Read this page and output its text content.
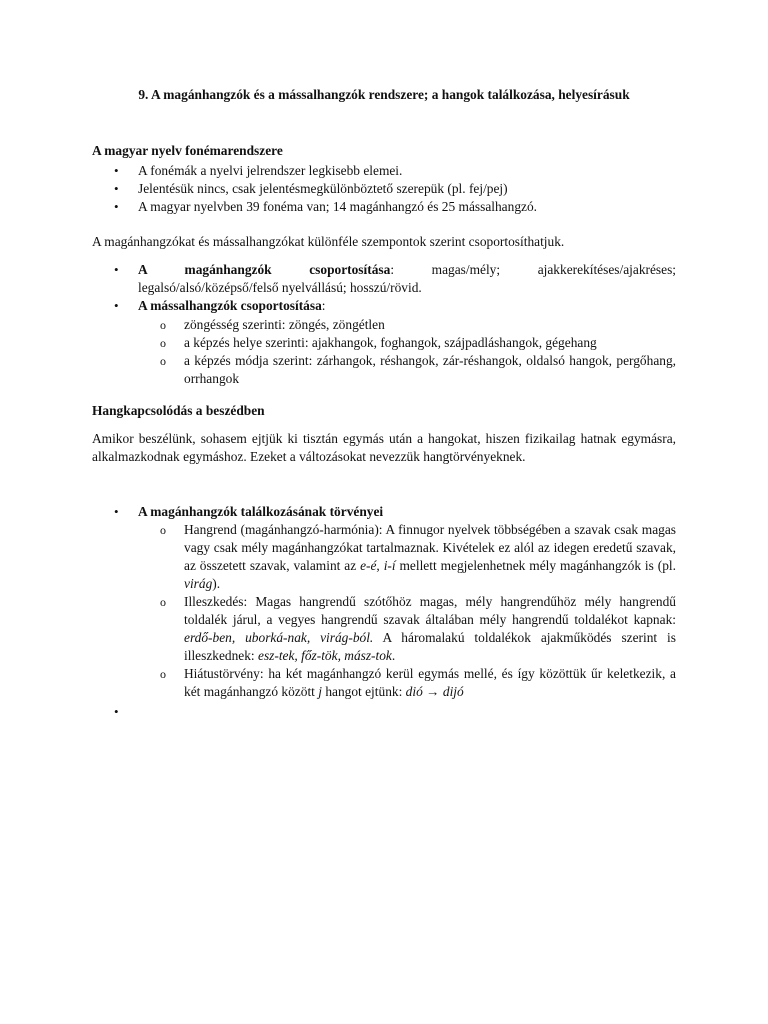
9. A magánhangzók és a mássalhangzók rendszere; a hangok találkozása, helyesírásuk
A magyar nyelv fonémarendszere
• A fonémák a nyelvi jelrendszer legkisebb elemei.
• Jelentésük nincs, csak jelentésmegkülönböztető szerepük (pl. fej/pej)
• A magyar nyelvben 39 fonéma van; 14 magánhangzó és 25 mássalhangzó.
A magánhangzókat és mássalhangzókat különféle szempontok szerint csoportosíthatjuk.
• A magánhangzók csoportosítása: magas/mély; ajakkerekítéses/ajakréses;
legalsó/alsó/középső/felső nyelvállású; hosszú/rövid.
• A mássalhangzók csoportosítása:
o zöngésség szerinti: zöngés, zöngétlen
o a képzés helye szerinti: ajakhangok, foghangok, szájpadláshangok, gégehang
o a képzés módja szerint: zárhangok, réshangok, zár-réshangok, oldalsó hangok, pergőhang, orrhangok
Hangkapcsolódás a beszédben
Amikor beszélünk, sohasem ejtjük ki tisztán egymás után a hangokat, hiszen fizikailag hatnak egymásra, alkalmazkodnak egymáshoz. Ezeket a változásokat nevezzük hangtörvényeknek.
• A magánhangzók találkozásának törvényei
o Hangrend (magánhangzó-harmónia): A finnugor nyelvek többségében a szavak csak magas vagy csak mély magánhangzókat tartalmaznak. Kivételek ez alól az idegen eredetű szavak, az összetett szavak, valamint az e-é, i-í mellett megjelenhetnek mély magánhangzók is (pl. virág).
o Illeszkedés: Magas hangrendű szótőhöz magas, mély hangrendűhöz mély hangrendű toldalék járul, a vegyes hangrendű szavak általában mély hangrendű toldalékot kapnak: erdő-ben, uborká-nak, virág-ból. A háromalakú toldalékok ajakműködés szerint is illeszkednek: esz-tek, főz-tök, mász-tok.
o Hiátustörvény: ha két magánhangzó kerül egymás mellé, és így közöttük űr keletkezik, a két magánhangzó között j hangot ejtünk: dió → dijó
•
